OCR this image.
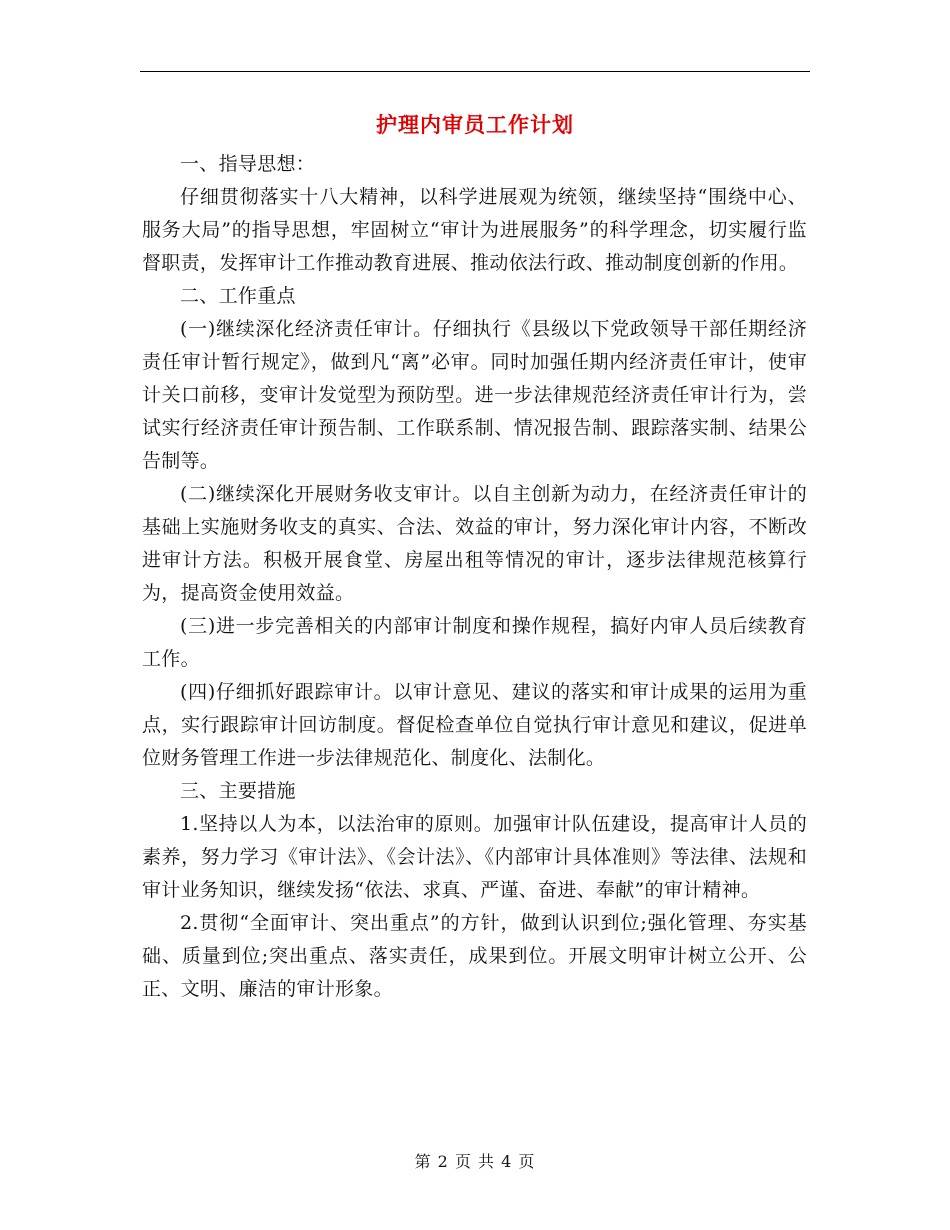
护理内审员工作计划

一、指导思想：

仔细贯彻落实十八大精神，以科学进展观为统领，继续坚持“围绕中心、服务大局”的指导思想，牢固树立“审计为进展服务”的科学理念，切实履行监督职责，发挥审计工作推动教育进展、推动依法行政、推动制度创新的作用。

二、工作重点

(一)继续深化经济责任审计。仔细执行《县级以下党政领导干部任期经济责任审计暂行规定》，做到凡“离”必审。同时加强任期内经济责任审计，使审计关口前移，变审计发觉型为预防型。进一步法律规范经济责任审计行为，尝试实行经济责任审计预告制、工作联系制、情况报告制、跟踪落实制、结果公告制等。

(二)继续深化开展财务收支审计。以自主创新为动力，在经济责任审计的基础上实施财务收支的真实、合法、效益的审计，努力深化审计内容，不断改进审计方法。积极开展食堂、房屋出租等情况的审计，逐步法律规范核算行为，提高资金使用效益。

(三)进一步完善相关的内部审计制度和操作规程，搞好内审人员后续教育工作。

(四)仔细抓好跟踪审计。以审计意见、建议的落实和审计成果的运用为重点，实行跟踪审计回访制度。督促检查单位自觉执行审计意见和建议，促进单位财务管理工作进一步法律规范化、制度化、法制化。

三、主要措施

1.坚持以人为本，以法治审的原则。加强审计队伍建设，提高审计人员的素养，努力学习《审计法》、《会计法》、《内部审计具体准则》等法律、法规和审计业务知识，继续发扬“依法、求真、严谨、奋进、奉献”的审计精神。

2.贯彻“全面审计、突出重点”的方针，做到认识到位;强化管理、夯实基础、质量到位;突出重点、落实责任，成果到位。开展文明审计树立公开、公正、文明、廉洁的审计形象。

第 2 页 共 4 页
